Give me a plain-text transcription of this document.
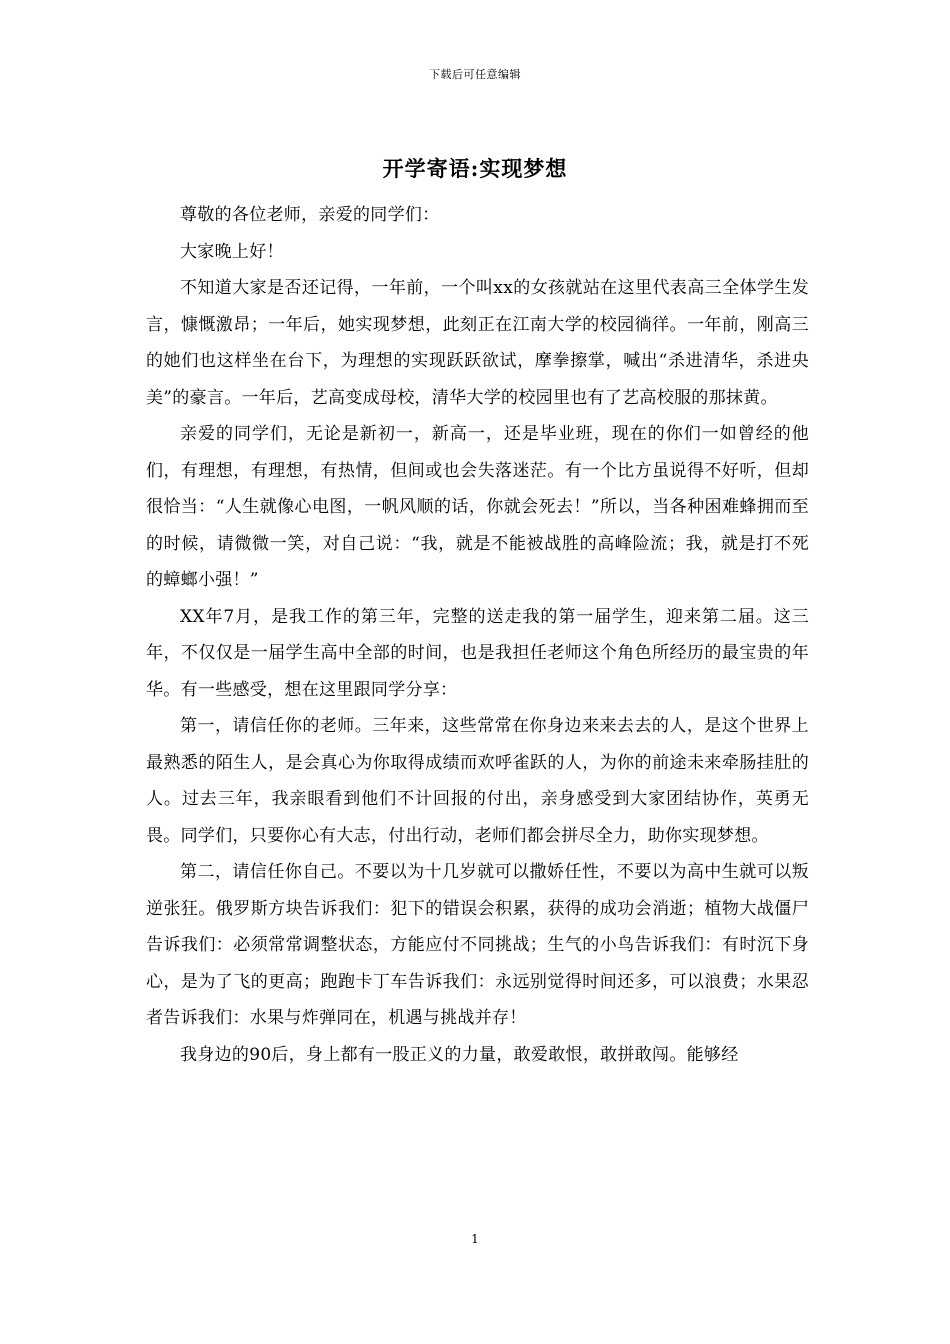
下载后可任意编辑
开学寄语:实现梦想

尊敬的各位老师，亲爱的同学们：

大家晚上好！

不知道大家是否还记得，一年前，一个叫xx的女孩就站在这里代表高三全体学生发言，慷慨激昂；一年后，她实现梦想，此刻正在江南大学的校园徜徉。一年前，刚高三的她们也这样坐在台下，为理想的实现跃跃欲试，摩拳擦掌，喊出“杀进清华，杀进央美”的豪言。一年后，艺高变成母校，清华大学的校园里也有了艺高校服的那抹黄。

亲爱的同学们，无论是新初一，新高一，还是毕业班，现在的你们一如曾经的他们，有理想，有理想，有热情，但间或也会失落迷茫。有一个比方虽说得不好听，但却很恰当：“人生就像心电图，一帆风顺的话，你就会死去！”所以，当各种困难蜂拥而至的时候，请微微一笑，对自己说：“我，就是不能被战胜的高峰险流；我，就是打不死的蟑螂小强！”

XX年7月，是我工作的第三年，完整的送走我的第一届学生，迎来第二届。这三年，不仅仅是一届学生高中全部的时间，也是我担任老师这个角色所经历的最宝贵的年华。有一些感受，想在这里跟同学分享：

第一，请信任你的老师。三年来，这些常常在你身边来来去去的人，是这个世界上最熟悉的陌生人，是会真心为你取得成绩而欢呼雀跃的人，为你的前途未来牵肠挂肚的人。过去三年，我亲眼看到他们不计回报的付出，亲身感受到大家团结协作，英勇无畏。同学们，只要你心有大志，付出行动，老师们都会拼尽全力，助你实现梦想。

第二，请信任你自己。不要以为十几岁就可以撒娇任性，不要以为高中生就可以叛逆张狂。俄罗斯方块告诉我们：犯下的错误会积累，获得的成功会消逝；植物大战僵尸告诉我们：必须常常调整状态，方能应付不同挑战；生气的小鸟告诉我们：有时沉下身心，是为了飞的更高；跑跑卡丁车告诉我们：永远别觉得时间还多，可以浪费；水果忍者告诉我们：水果与炸弹同在，机遇与挑战并存！

我身边的90后，身上都有一股正义的力量，敢爱敢恨，敢拼敢闯。能够经

1
